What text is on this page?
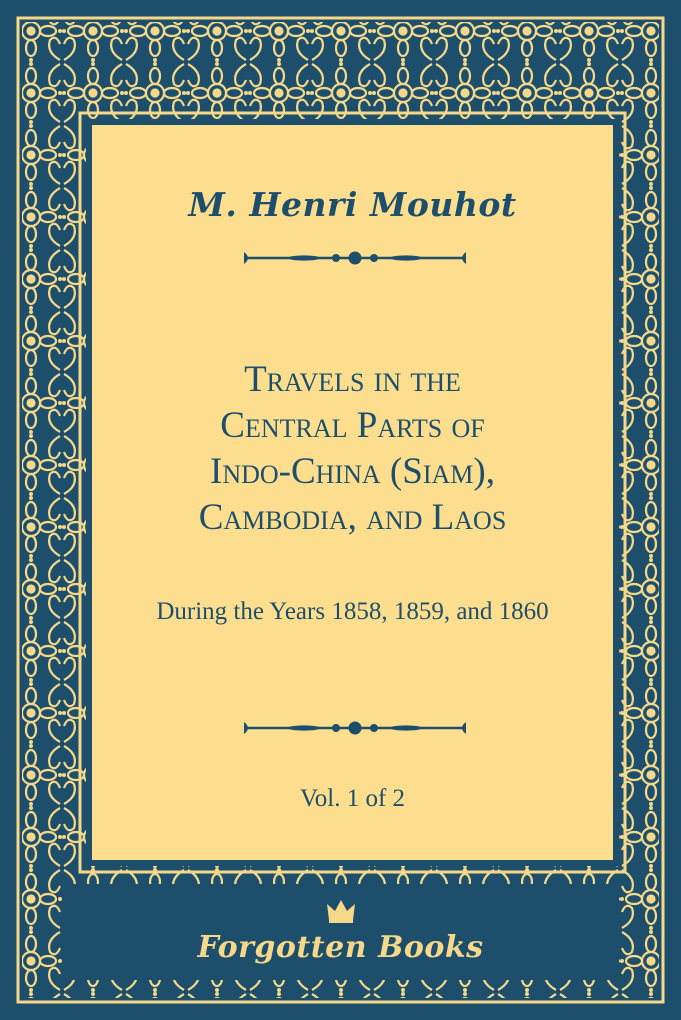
M. Henri Mouhot
Travels in the
Central Parts of
Indo-China (Siam),
Cambodia, and Laos
During the Years 1858, 1859, and 1860
Vol. 1 of 2
Forgotten Books
